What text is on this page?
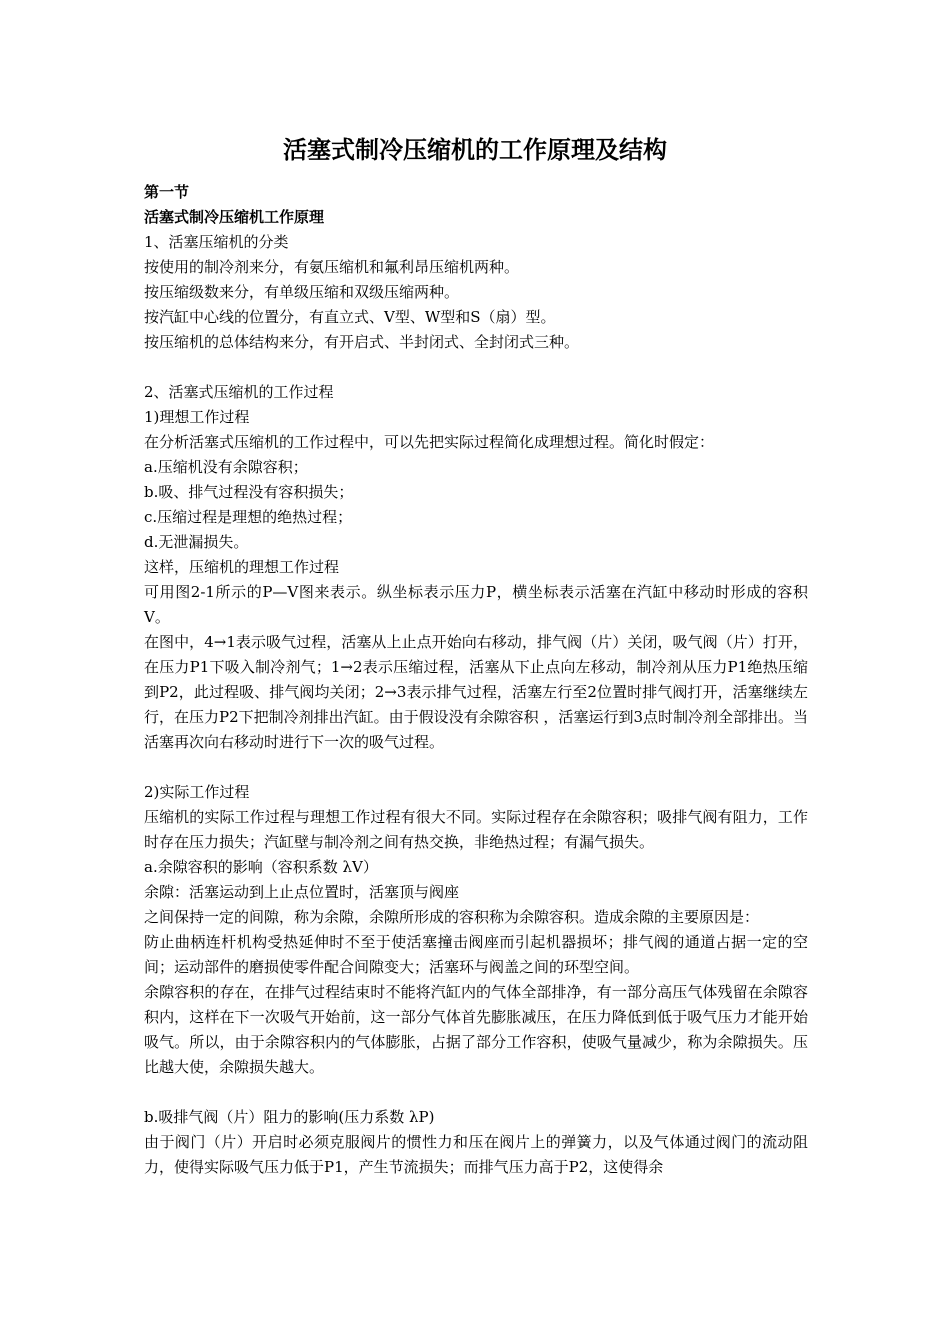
活塞式制冷压缩机的工作原理及结构

第一节

活塞式制冷压缩机工作原理

1、活塞压缩机的分类

按使用的制冷剂来分，有氨压缩机和氟利昂压缩机两种。

按压缩级数来分，有单级压缩和双级压缩两种。

按汽缸中心线的位置分，有直立式、V型、W型和S（扇）型。

按压缩机的总体结构来分，有开启式、半封闭式、全封闭式三种。

2、活塞式压缩机的工作过程

1)理想工作过程

在分析活塞式压缩机的工作过程中，可以先把实际过程简化成理想过程。简化时假定：

a.压缩机没有余隙容积；

b.吸、排气过程没有容积损失；

c.压缩过程是理想的绝热过程；

d.无泄漏损失。

这样，压缩机的理想工作过程

可用图2-1所示的P—V图来表示。纵坐标表示压力P，横坐标表示活塞在汽缸中移动时形成的容积V。

在图中，4→1表示吸气过程，活塞从上止点开始向右移动，排气阀（片）关闭，吸气阀（片）打开，在压力P1下吸入制冷剂气；1→2表示压缩过程，活塞从下止点向左移动，制冷剂从压力P1绝热压缩到P2，此过程吸、排气阀均关闭；2→3表示排气过程，活塞左行至2位置时排气阀打开，活塞继续左行，在压力P2下把制冷剂排出汽缸。由于假设没有余隙容积 ，活塞运行到3点时制冷剂全部排出。当活塞再次向右移动时进行下一次的吸气过程。

2)实际工作过程

压缩机的实际工作过程与理想工作过程有很大不同。实际过程存在余隙容积；吸排气阀有阻力，工作时存在压力损失；汽缸壁与制冷剂之间有热交换，非绝热过程；有漏气损失。

a.余隙容积的影响（容积系数 λV）

余隙：活塞运动到上止点位置时，活塞顶与阀座

之间保持一定的间隙，称为余隙，余隙所形成的容积称为余隙容积。造成余隙的主要原因是：

防止曲柄连杆机构受热延伸时不至于使活塞撞击阀座而引起机器损坏；排气阀的通道占据一定的空间；运动部件的磨损使零件配合间隙变大；活塞环与阀盖之间的环型空间。

余隙容积的存在，在排气过程结束时不能将汽缸内的气体全部排净，有一部分高压气体残留在余隙容积内，这样在下一次吸气开始前，这一部分气体首先膨胀减压，在压力降低到低于吸气压力才能开始吸气。所以，由于余隙容积内的气体膨胀，占据了部分工作容积，使吸气量减少，称为余隙损失。压比越大使，余隙损失越大。

b.吸排气阀（片）阻力的影响(压力系数 λP)

由于阀门（片）开启时必须克服阀片的惯性力和压在阀片上的弹簧力，以及气体通过阀门的流动阻 力，使得实际吸气压力低于P1，产生节流损失；而排气压力高于P2，这使得余
